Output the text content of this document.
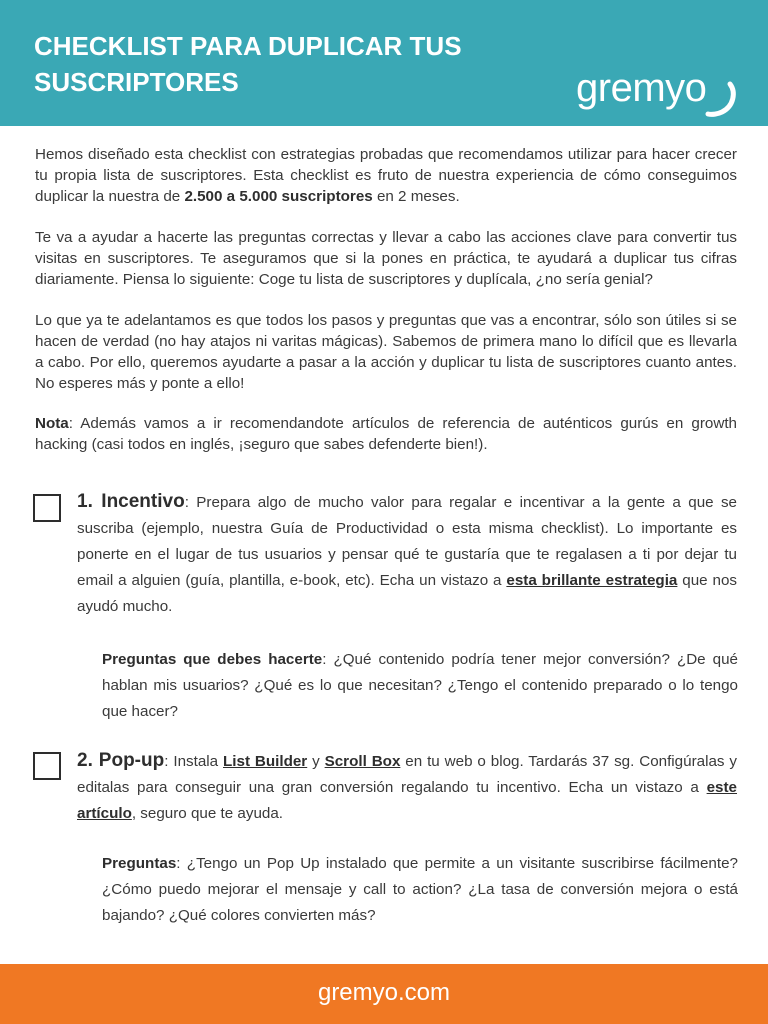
CHECKLIST PARA DUPLICAR TUS
SUSCRIPTORES	gremyo

Hemos diseñado esta checklist con estrategias probadas que recomendamos utilizar para hacer crecer tu propia lista de suscriptores. Esta checklist es fruto de nuestra experiencia de cómo conseguimos duplicar la nuestra de 2.500 a 5.000 suscriptores en 2 meses.

Te va a ayudar a hacerte las preguntas correctas y llevar a cabo las acciones clave para convertir tus visitas en suscriptores. Te aseguramos que si la pones en práctica, te ayudará a duplicar tus cifras diariamente. Piensa lo siguiente: Coge tu lista de suscriptores y duplícala, ¿no sería genial?

Lo que ya te adelantamos es que todos los pasos y preguntas que vas a encontrar, sólo son útiles si se hacen de verdad (no hay atajos ni varitas mágicas). Sabemos de primera mano lo difícil que es llevarla a cabo. Por ello, queremos ayudarte a pasar a la acción y duplicar tu lista de suscriptores cuanto antes. No esperes más y ponte a ello!

Nota: Además vamos a ir recomendandote artículos de referencia de auténticos gurús en growth hacking (casi todos en inglés, ¡seguro que sabes defenderte bien!).

1. Incentivo: Prepara algo de mucho valor para regalar e incentivar a la gente a que se suscriba (ejemplo, nuestra Guía de Productividad o esta misma checklist). Lo importante es ponerte en el lugar de tus usuarios y pensar qué te gustaría que te regalasen a ti por dejar tu email a alguien (guía, plantilla, e-book, etc). Echa un vistazo a esta brillante estrategia que nos ayudó mucho.
Preguntas que debes hacerte: ¿Qué contenido podría tener mejor conversión? ¿De qué hablan mis usuarios? ¿Qué es lo que necesitan? ¿Tengo el contenido preparado o lo tengo que hacer?
2. Pop-up: Instala List Builder y Scroll Box en tu web o blog. Tardarás 37 sg. Configúralas y editalas para conseguir una gran conversión regalando tu incentivo. Echa un vistazo a este artículo, seguro que te ayuda.
Preguntas: ¿Tengo un Pop Up instalado que permite a un visitante suscribirse fácilmente? ¿Cómo puedo mejorar el mensaje y call to action? ¿La tasa de conversión mejora o está bajando? ¿Qué colores convierten más?
gremyo.com
